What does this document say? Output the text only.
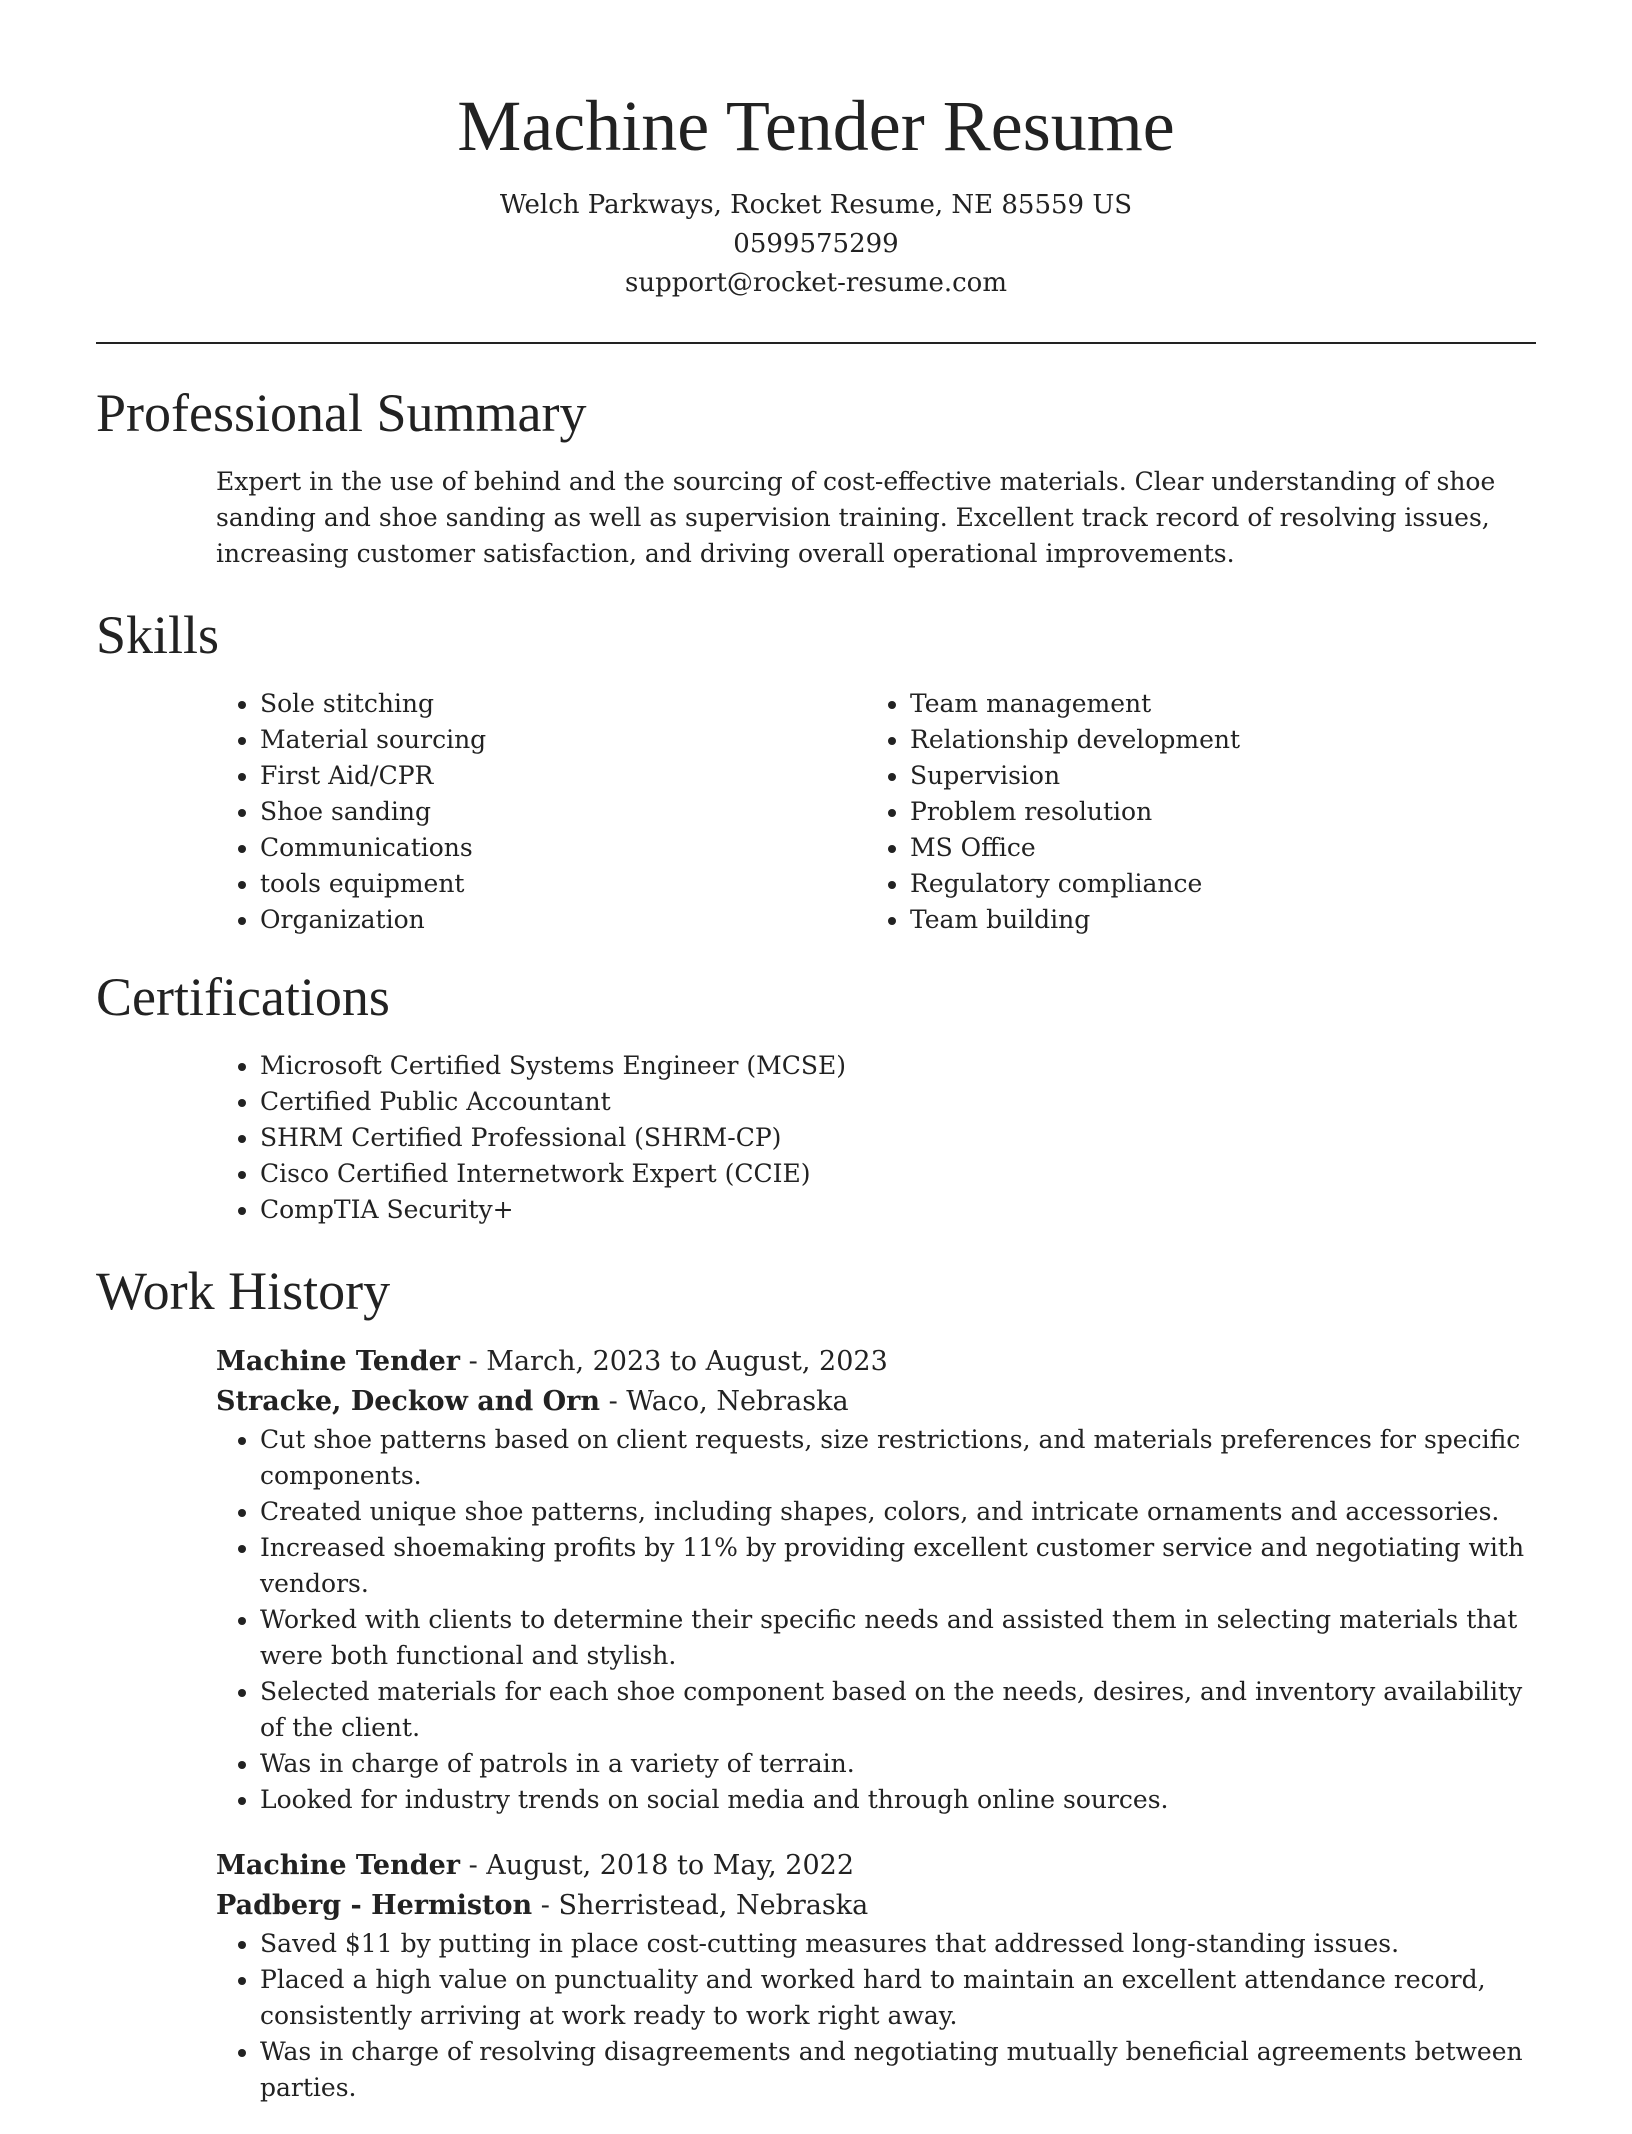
Machine Tender Resume

Welch Parkways, Rocket Resume, NE 85559 US

0599575299

support@rocket-resume.com

Professional Summary

Expert in the use of behind and the sourcing of cost-effective materials. Clear understanding of shoe sanding and shoe sanding as well as supervision training. Excellent track record of resolving issues, increasing customer satisfaction, and driving overall operational improvements.

Skills
• Sole stitching
• Material sourcing
• First Aid/CPR
• Shoe sanding
• Communications
• tools equipment
• Organization
• Team management
• Relationship development
• Supervision
• Problem resolution
• MS Office
• Regulatory compliance
• Team building
Certifications
• Microsoft Certified Systems Engineer (MCSE)
• Certified Public Accountant
• SHRM Certified Professional (SHRM-CP)
• Cisco Certified Internetwork Expert (CCIE)
• CompTIA Security+
Work History

Machine Tender - March, 2023 to August, 2023

Stracke, Deckow and Orn - Waco, Nebraska

• Cut shoe patterns based on client requests, size restrictions, and materials preferences for specific components.
• Created unique shoe patterns, including shapes, colors, and intricate ornaments and accessories.
• Increased shoemaking profits by 11% by providing excellent customer service and negotiating with vendors.
• Worked with clients to determine their specific needs and assisted them in selecting materials that were both functional and stylish.
• Selected materials for each shoe component based on the needs, desires, and inventory availability of the client.
• Was in charge of patrols in a variety of terrain.
• Looked for industry trends on social media and through online sources.

Machine Tender - August, 2018 to May, 2022

Padberg - Hermiston - Sherristead, Nebraska

• Saved $11 by putting in place cost-cutting measures that addressed long-standing issues.
• Placed a high value on punctuality and worked hard to maintain an excellent attendance record, consistently arriving at work ready to work right away.
• Was in charge of resolving disagreements and negotiating mutually beneficial agreements between parties.
